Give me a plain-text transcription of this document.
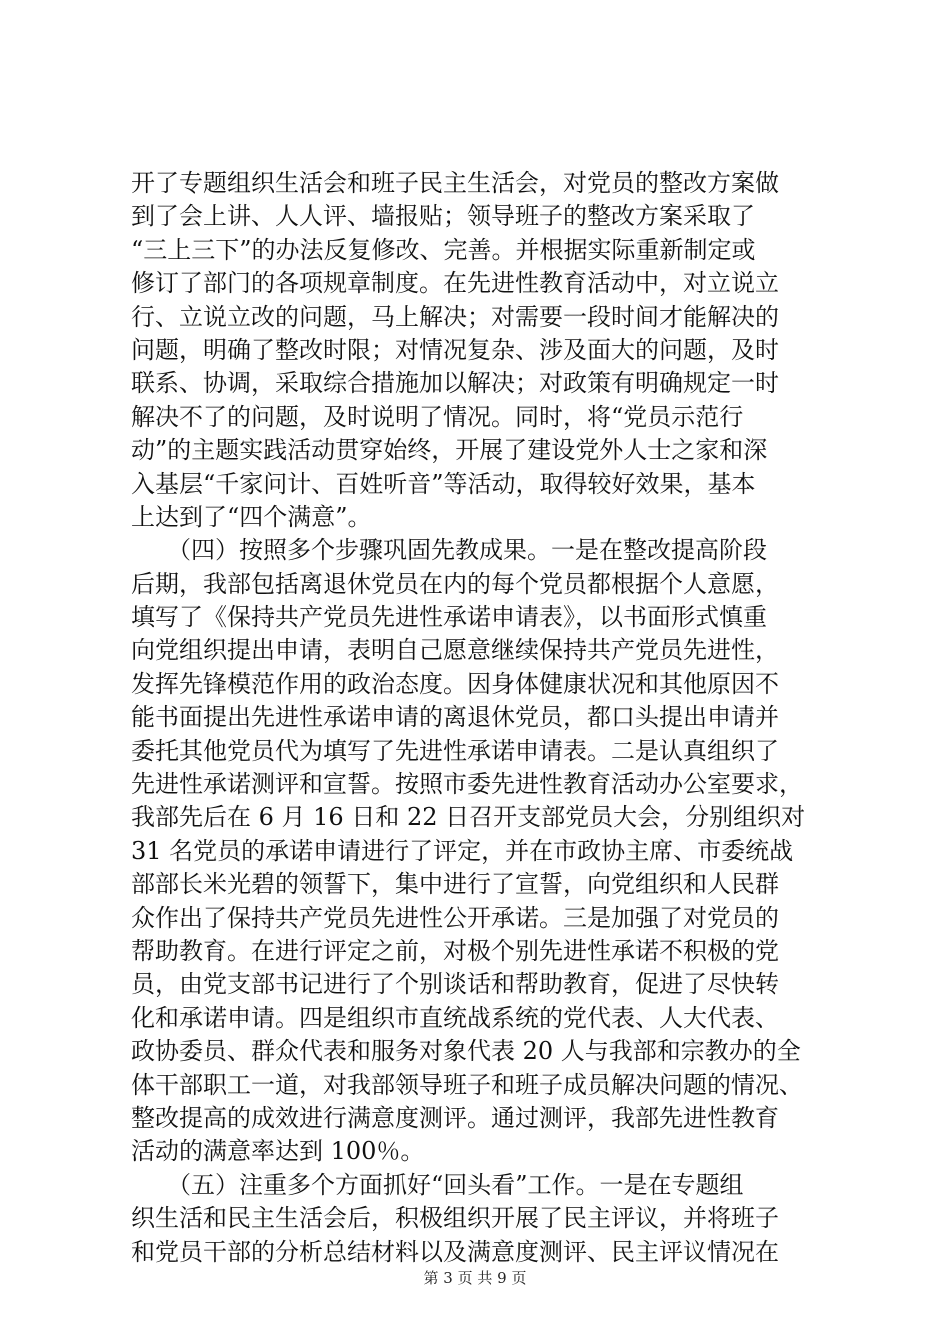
开了专题组织生活会和班子民主生活会，对党员的整改方案做
到了会上讲、人人评、墙报贴；领导班子的整改方案采取了
“三上三下”的办法反复修改、完善。并根据实际重新制定或
修订了部门的各项规章制度。在先进性教育活动中，对立说立
行、立说立改的问题，马上解决；对需要一段时间才能解决的
问题，明确了整改时限；对情况复杂、涉及面大的问题，及时
联系、协调，采取综合措施加以解决；对政策有明确规定一时
解决不了的问题，及时说明了情况。同时，将“党员示范行
动”的主题实践活动贯穿始终，开展了建设党外人士之家和深
入基层“千家问计、百姓听音”等活动，取得较好效果，基本
上达到了“四个满意”。
　　（四）按照多个步骤巩固先教成果。一是在整改提高阶段
后期，我部包括离退休党员在内的每个党员都根据个人意愿，
填写了《保持共产党员先进性承诺申请表》，以书面形式慎重
向党组织提出申请，表明自己愿意继续保持共产党员先进性，
发挥先锋模范作用的政治态度。因身体健康状况和其他原因不
能书面提出先进性承诺申请的离退休党员，都口头提出申请并
委托其他党员代为填写了先进性承诺申请表。二是认真组织了
先进性承诺测评和宣誓。按照市委先进性教育活动办公室要求，
我部先后在 6 月 16 日和 22 日召开支部党员大会，分别组织对
31 名党员的承诺申请进行了评定，并在市政协主席、市委统战
部部长米光碧的领誓下，集中进行了宣誓，向党组织和人民群
众作出了保持共产党员先进性公开承诺。三是加强了对党员的
帮助教育。在进行评定之前，对极个别先进性承诺不积极的党
员，由党支部书记进行了个别谈话和帮助教育，促进了尽快转
化和承诺申请。四是组织市直统战系统的党代表、人大代表、
政协委员、群众代表和服务对象代表 20 人与我部和宗教办的全
体干部职工一道，对我部领导班子和班子成员解决问题的情况、
整改提高的成效进行满意度测评。通过测评，我部先进性教育
活动的满意率达到 100％。
　　（五）注重多个方面抓好“回头看”工作。一是在专题组
织生活和民主生活会后，积极组织开展了民主评议，并将班子
和党员干部的分析总结材料以及满意度测评、民主评议情况在
第 3 页 共 9 页
